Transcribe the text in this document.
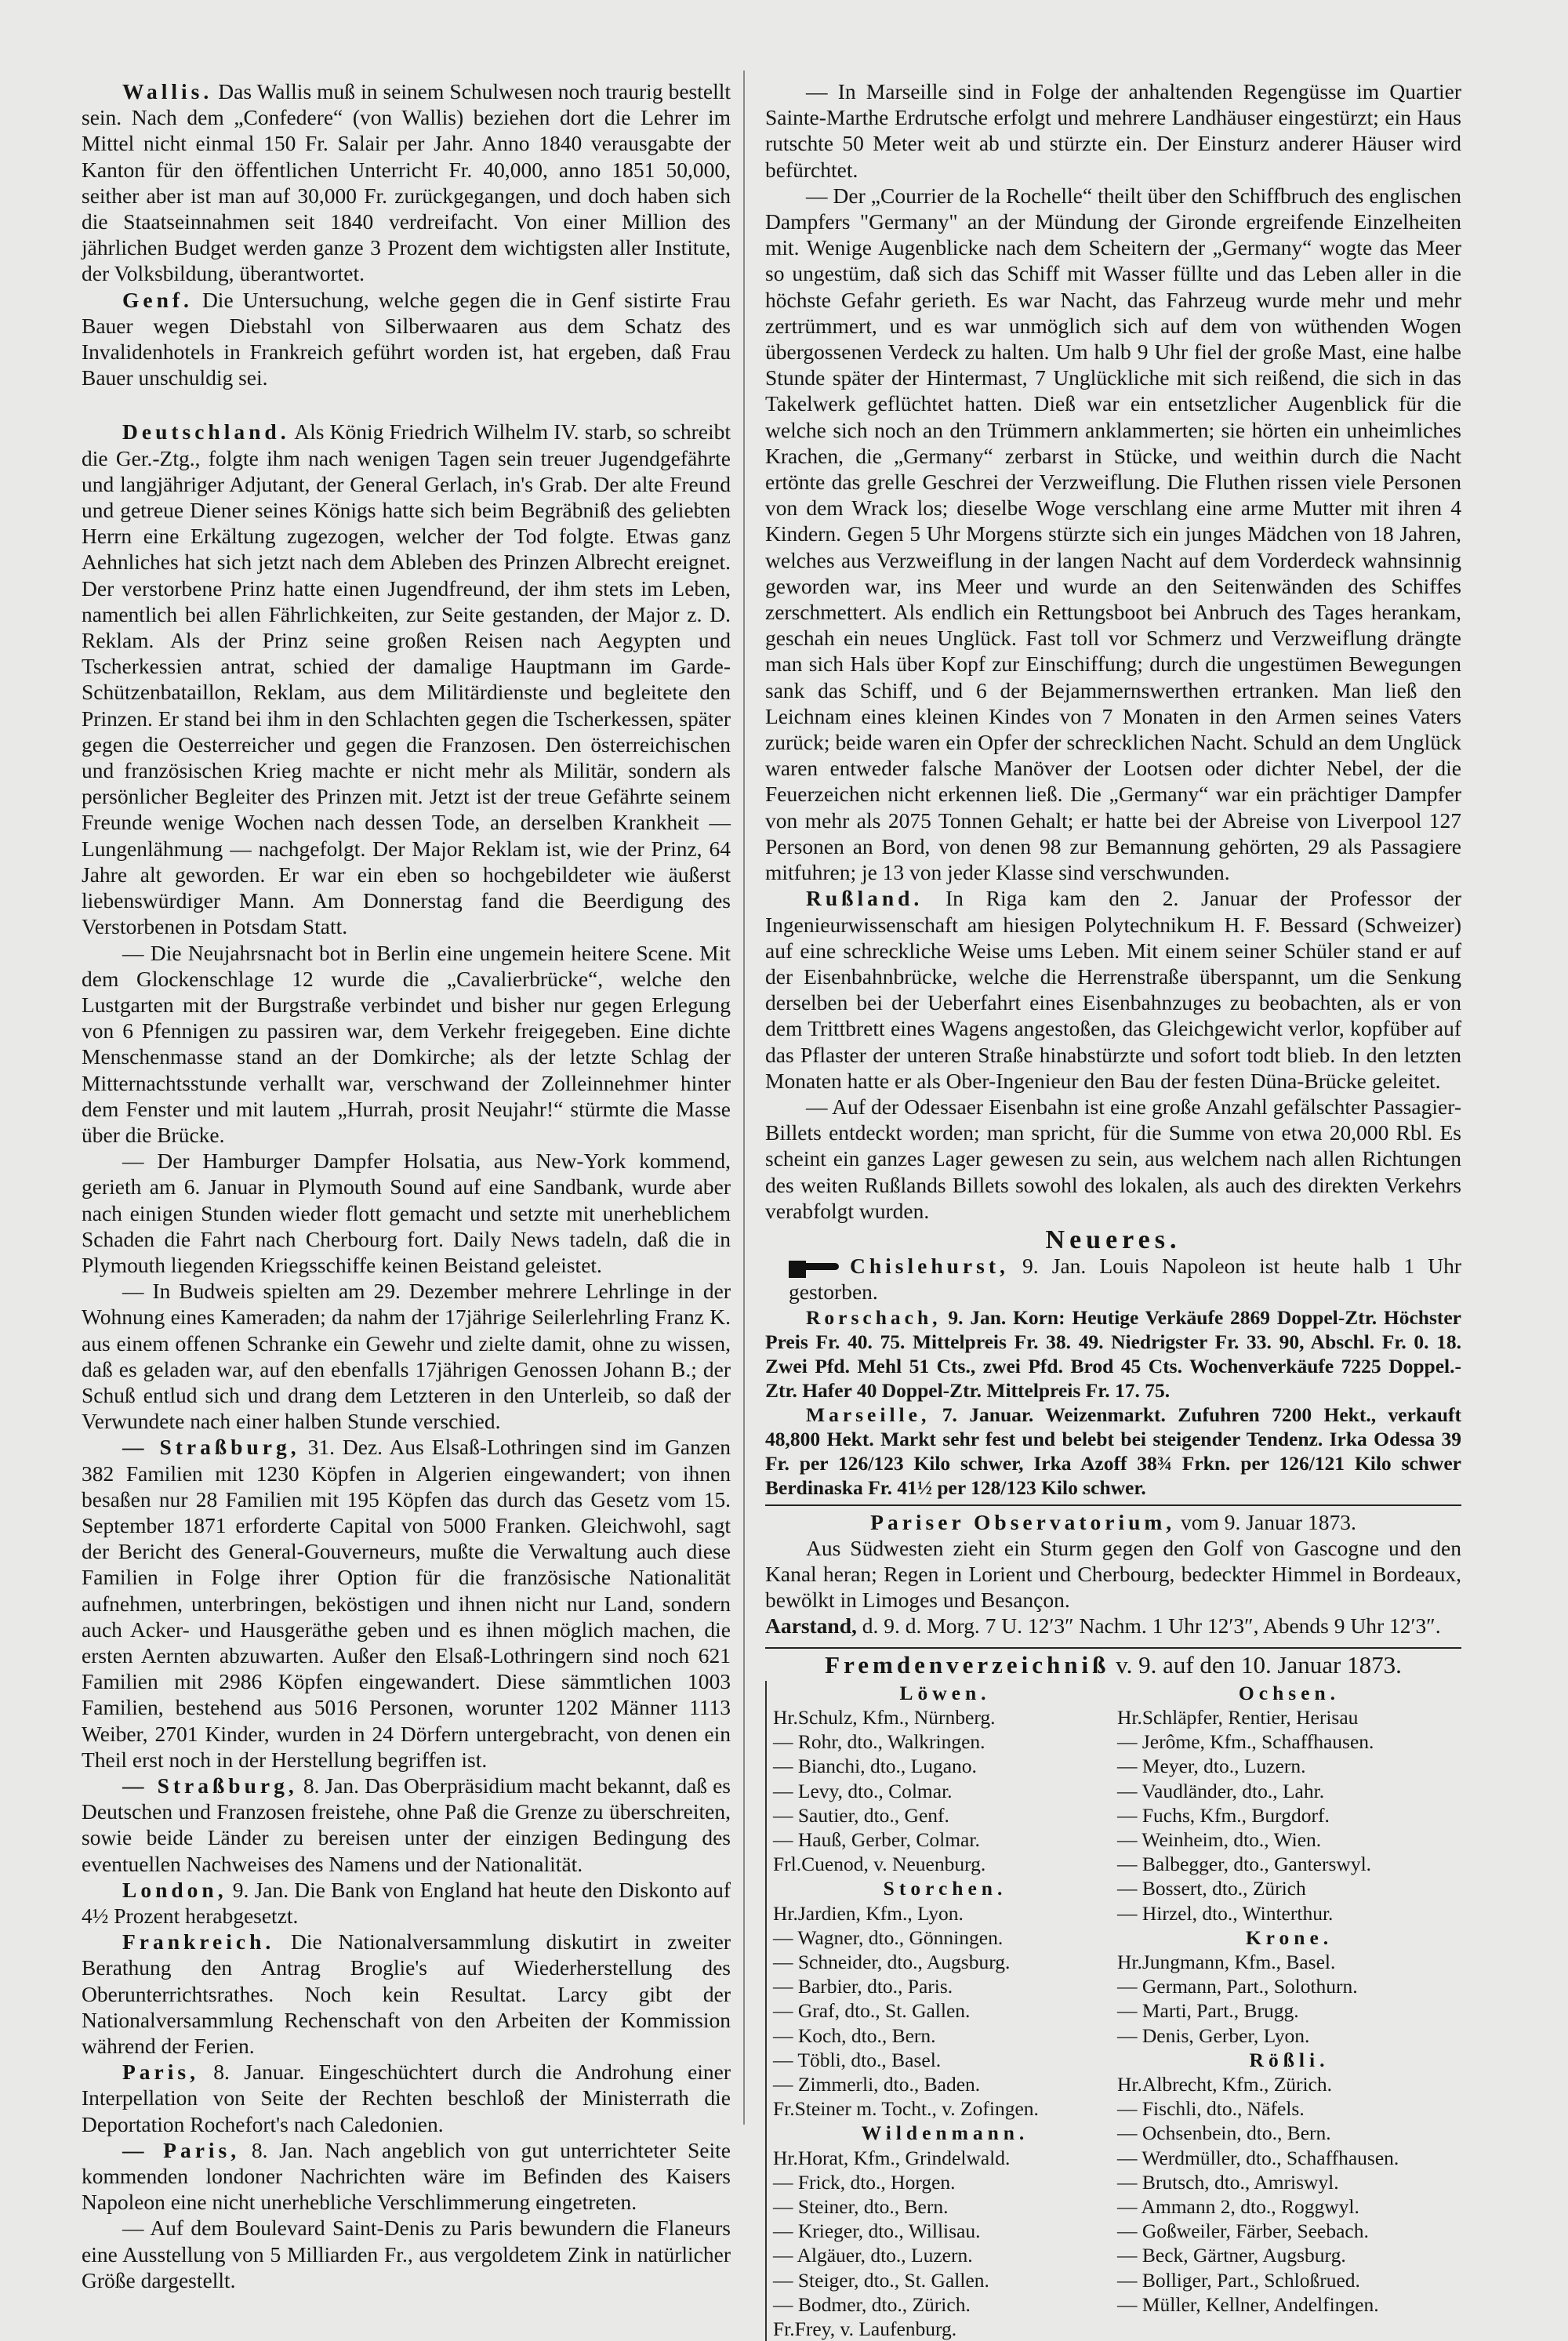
Wallis. Das Wallis muß in seinem Schulwesen noch traurig bestellt sein. Nach dem „Confedere“ (von Wallis) beziehen dort die Lehrer im Mittel nicht einmal 150 Fr. Salair per Jahr. Anno 1840 verausgabte der Kanton für den öffentlichen Unterricht Fr. 40,000, anno 1851 50,000, seither aber ist man auf 30,000 Fr. zurückgegangen, und doch haben sich die Staatseinnahmen seit 1840 verdreifacht. Von einer Million des jährlichen Budget werden ganze 3 Prozent dem wichtigsten aller Institute, der Volksbildung, überantwortet.

Genf. Die Untersuchung, welche gegen die in Genf sistirte Frau Bauer wegen Diebstahl von Silberwaaren aus dem Schatz des Invalidenhotels in Frankreich geführt worden ist, hat ergeben, daß Frau Bauer unschuldig sei.

Deutschland. Als König Friedrich Wilhelm IV. starb, so schreibt die Ger.-Ztg., folgte ihm nach wenigen Tagen sein treuer Jugendgefährte und langjähriger Adjutant, der General Gerlach, in's Grab. Der alte Freund und getreue Diener seines Königs hatte sich beim Begräbniß des geliebten Herrn eine Erkältung zugezogen, welcher der Tod folgte. Etwas ganz Aehnliches hat sich jetzt nach dem Ableben des Prinzen Albrecht ereignet. Der verstorbene Prinz hatte einen Jugendfreund, der ihm stets im Leben, namentlich bei allen Fährlichkeiten, zur Seite gestanden, der Major z. D. Reklam. Als der Prinz seine großen Reisen nach Aegypten und Tscherkessien antrat, schied der damalige Hauptmann im Garde-Schützenbataillon, Reklam, aus dem Militärdienste und begleitete den Prinzen. Er stand bei ihm in den Schlachten gegen die Tscherkessen, später gegen die Oesterreicher und gegen die Franzosen. Den österreichischen und französischen Krieg machte er nicht mehr als Militär, sondern als persönlicher Begleiter des Prinzen mit. Jetzt ist der treue Gefährte seinem Freunde wenige Wochen nach dessen Tode, an derselben Krankheit — Lungenlähmung — nachgefolgt. Der Major Reklam ist, wie der Prinz, 64 Jahre alt geworden. Er war ein eben so hochgebildeter wie äußerst liebenswürdiger Mann. Am Donnerstag fand die Beerdigung des Verstorbenen in Potsdam Statt.

— Die Neujahrsnacht bot in Berlin eine ungemein heitere Scene. Mit dem Glockenschlage 12 wurde die „Cavalierbrücke“, welche den Lustgarten mit der Burgstraße verbindet und bisher nur gegen Erlegung von 6 Pfennigen zu passiren war, dem Verkehr freigegeben. Eine dichte Menschenmasse stand an der Domkirche; als der letzte Schlag der Mitternachtsstunde verhallt war, verschwand der Zolleinnehmer hinter dem Fenster und mit lautem „Hurrah, prosit Neujahr!“ stürmte die Masse über die Brücke.

— Der Hamburger Dampfer Holsatia, aus New-York kommend, gerieth am 6. Januar in Plymouth Sound auf eine Sandbank, wurde aber nach einigen Stunden wieder flott gemacht und setzte mit unerheblichem Schaden die Fahrt nach Cherbourg fort. Daily News tadeln, daß die in Plymouth liegenden Kriegsschiffe keinen Beistand geleistet.

— In Budweis spielten am 29. Dezember mehrere Lehrlinge in der Wohnung eines Kameraden; da nahm der 17jährige Seilerlehrling Franz K. aus einem offenen Schranke ein Gewehr und zielte damit, ohne zu wissen, daß es geladen war, auf den ebenfalls 17jährigen Genossen Johann B.; der Schuß entlud sich und drang dem Letzteren in den Unterleib, so daß der Verwundete nach einer halben Stunde verschied.

— Straßburg, 31. Dez. Aus Elsaß-Lothringen sind im Ganzen 382 Familien mit 1230 Köpfen in Algerien eingewandert; von ihnen besaßen nur 28 Familien mit 195 Köpfen das durch das Gesetz vom 15. September 1871 erforderte Capital von 5000 Franken. Gleichwohl, sagt der Bericht des General-Gouverneurs, mußte die Verwaltung auch diese Familien in Folge ihrer Option für die französische Nationalität aufnehmen, unterbringen, beköstigen und ihnen nicht nur Land, sondern auch Acker- und Hausgeräthe geben und es ihnen möglich machen, die ersten Aernten abzuwarten. Außer den Elsaß-Lothringern sind noch 621 Familien mit 2986 Köpfen eingewandert. Diese sämmtlichen 1003 Familien, bestehend aus 5016 Personen, worunter 1202 Männer 1113 Weiber, 2701 Kinder, wurden in 24 Dörfern untergebracht, von denen ein Theil erst noch in der Herstellung begriffen ist.

— Straßburg, 8. Jan. Das Oberpräsidium macht bekannt, daß es Deutschen und Franzosen freistehe, ohne Paß die Grenze zu überschreiten, sowie beide Länder zu bereisen unter der einzigen Bedingung des eventuellen Nachweises des Namens und der Nationalität.

London, 9. Jan. Die Bank von England hat heute den Diskonto auf 4½ Prozent herabgesetzt.

Frankreich. Die Nationalversammlung diskutirt in zweiter Berathung den Antrag Broglie's auf Wiederherstellung des Oberunterrichtsrathes. Noch kein Resultat. Larcy gibt der Nationalversammlung Rechenschaft von den Arbeiten der Kommission während der Ferien.

Paris, 8. Januar. Eingeschüchtert durch die Androhung einer Interpellation von Seite der Rechten beschloß der Ministerrath die Deportation Rochefort's nach Caledonien.

— Paris, 8. Jan. Nach angeblich von gut unterrichteter Seite kommenden londoner Nachrichten wäre im Befinden des Kaisers Napoleon eine nicht unerhebliche Verschlimmerung eingetreten.

— Auf dem Boulevard Saint-Denis zu Paris bewundern die Flaneurs eine Ausstellung von 5 Milliarden Fr., aus vergoldetem Zink in natürlicher Größe dargestellt.

— In Marseille sind in Folge der anhaltenden Regengüsse im Quartier Sainte-Marthe Erdrutsche erfolgt und mehrere Landhäuser eingestürzt; ein Haus rutschte 50 Meter weit ab und stürzte ein. Der Einsturz anderer Häuser wird befürchtet.

— Der „Courrier de la Rochelle“ theilt über den Schiffbruch des englischen Dampfers "Germany" an der Mündung der Gironde ergreifende Einzelheiten mit. Wenige Augenblicke nach dem Scheitern der „Germany“ wogte das Meer so ungestüm, daß sich das Schiff mit Wasser füllte und das Leben aller in die höchste Gefahr gerieth. Es war Nacht, das Fahrzeug wurde mehr und mehr zertrümmert, und es war unmöglich sich auf dem von wüthenden Wogen übergossenen Verdeck zu halten. Um halb 9 Uhr fiel der große Mast, eine halbe Stunde später der Hintermast, 7 Unglückliche mit sich reißend, die sich in das Takelwerk geflüchtet hatten. Dieß war ein entsetzlicher Augenblick für die welche sich noch an den Trümmern anklammerten; sie hörten ein unheimliches Krachen, die „Germany“ zerbarst in Stücke, und weithin durch die Nacht ertönte das grelle Geschrei der Verzweiflung. Die Fluthen rissen viele Personen von dem Wrack los; dieselbe Woge verschlang eine arme Mutter mit ihren 4 Kindern. Gegen 5 Uhr Morgens stürzte sich ein junges Mädchen von 18 Jahren, welches aus Verzweiflung in der langen Nacht auf dem Vorderdeck wahnsinnig geworden war, ins Meer und wurde an den Seitenwänden des Schiffes zerschmettert. Als endlich ein Rettungsboot bei Anbruch des Tages herankam, geschah ein neues Unglück. Fast toll vor Schmerz und Verzweiflung drängte man sich Hals über Kopf zur Einschiffung; durch die ungestümen Bewegungen sank das Schiff, und 6 der Bejammernswerthen ertranken. Man ließ den Leichnam eines kleinen Kindes von 7 Monaten in den Armen seines Vaters zurück; beide waren ein Opfer der schrecklichen Nacht. Schuld an dem Unglück waren entweder falsche Manöver der Lootsen oder dichter Nebel, der die Feuerzeichen nicht erkennen ließ. Die „Germany“ war ein prächtiger Dampfer von mehr als 2075 Tonnen Gehalt; er hatte bei der Abreise von Liverpool 127 Personen an Bord, von denen 98 zur Bemannung gehörten, 29 als Passagiere mitfuhren; je 13 von jeder Klasse sind verschwunden.

Rußland. In Riga kam den 2. Januar der Professor der Ingenieurwissenschaft am hiesigen Polytechnikum H. F. Bessard (Schweizer) auf eine schreckliche Weise ums Leben. Mit einem seiner Schüler stand er auf der Eisenbahnbrücke, welche die Herrenstraße überspannt, um die Senkung derselben bei der Ueberfahrt eines Eisenbahnzuges zu beobachten, als er von dem Trittbrett eines Wagens angestoßen, das Gleichgewicht verlor, kopfüber auf das Pflaster der unteren Straße hinabstürzte und sofort todt blieb. In den letzten Monaten hatte er als Ober-Ingenieur den Bau der festen Düna-Brücke geleitet.

— Auf der Odessaer Eisenbahn ist eine große Anzahl gefälschter Passagier-Billets entdeckt worden; man spricht, für die Summe von etwa 20,000 Rbl. Es scheint ein ganzes Lager gewesen zu sein, aus welchem nach allen Richtungen des weiten Rußlands Billets sowohl des lokalen, als auch des direkten Verkehrs verabfolgt wurden.

Neueres.

Chislehurst, 9. Jan. Louis Napoleon ist heute halb 1 Uhr gestorben.

Rorschach, 9. Jan. Korn: Heutige Verkäufe 2869 Doppel-Ztr. Höchster Preis Fr. 40. 75. Mittelpreis Fr. 38. 49. Niedrigster Fr. 33. 90, Abschl. Fr. 0. 18. Zwei Pfd. Mehl 51 Cts., zwei Pfd. Brod 45 Cts. Wochenverkäufe 7225 Doppel.-Ztr. Hafer 40 Doppel-Ztr. Mittelpreis Fr. 17. 75.

Marseille, 7. Januar. Weizenmarkt. Zufuhren 7200 Hekt., verkauft 48,800 Hekt. Markt sehr fest und belebt bei steigender Tendenz. Irka Odessa 39 Fr. per 126/123 Kilo schwer, Irka Azoff 38¾ Frkn. per 126/121 Kilo schwer Berdinaska Fr. 41½ per 128/123 Kilo schwer.

Pariser Observatorium, vom 9. Januar 1873.

Aus Südwesten zieht ein Sturm gegen den Golf von Gascogne und den Kanal heran; Regen in Lorient und Cherbourg, bedeckter Himmel in Bordeaux, bewölkt in Limoges und Besançon.

Aarstand, d. 9. d. Morg. 7 U. 12′3″ Nachm. 1 Uhr 12′3″, Abends 9 Uhr 12′3″.

Fremdenverzeichniß v. 9. auf den 10. Januar 1873.
Löwen.
Hr.Schulz, Kfm., Nürnberg.
— Rohr, dto., Walkringen.
— Bianchi, dto., Lugano.
— Levy, dto., Colmar.
— Sautier, dto., Genf.
— Hauß, Gerber, Colmar.
Frl.Cuenod, v. Neuenburg.
Storchen.
Hr.Jardien, Kfm., Lyon.
— Wagner, dto., Gönningen.
— Schneider, dto., Augsburg.
— Barbier, dto., Paris.
— Graf, dto., St. Gallen.
— Koch, dto., Bern.
— Töbli, dto., Basel.
— Zimmerli, dto., Baden.
Fr.Steiner m. Tocht., v. Zofingen.
Wildenmann.
Hr.Horat, Kfm., Grindelwald.
— Frick, dto., Horgen.
— Steiner, dto., Bern.
— Krieger, dto., Willisau.
— Algäuer, dto., Luzern.
— Steiger, dto., St. Gallen.
— Bodmer, dto., Zürich.
Fr.Frey, v. Laufenburg.
Ochsen.
Hr.Schläpfer, Rentier, Herisau
— Jerôme, Kfm., Schaffhausen.
— Meyer, dto., Luzern.
— Vaudländer, dto., Lahr.
— Fuchs, Kfm., Burgdorf.
— Weinheim, dto., Wien.
— Balbegger, dto., Ganterswyl.
— Bossert, dto., Zürich
— Hirzel, dto., Winterthur.
Krone.
Hr.Jungmann, Kfm., Basel.
— Germann, Part., Solothurn.
— Marti, Part., Brugg.
— Denis, Gerber, Lyon.
Rößli.
Hr.Albrecht, Kfm., Zürich.
— Fischli, dto., Näfels.
— Ochsenbein, dto., Bern.
— Werdmüller, dto., Schaffhausen.
— Brutsch, dto., Amriswyl.
— Ammann 2, dto., Roggwyl.
— Goßweiler, Färber, Seebach.
— Beck, Gärtner, Augsburg.
— Bolliger, Part., Schloßrued.
— Müller, Kellner, Andelfingen.
